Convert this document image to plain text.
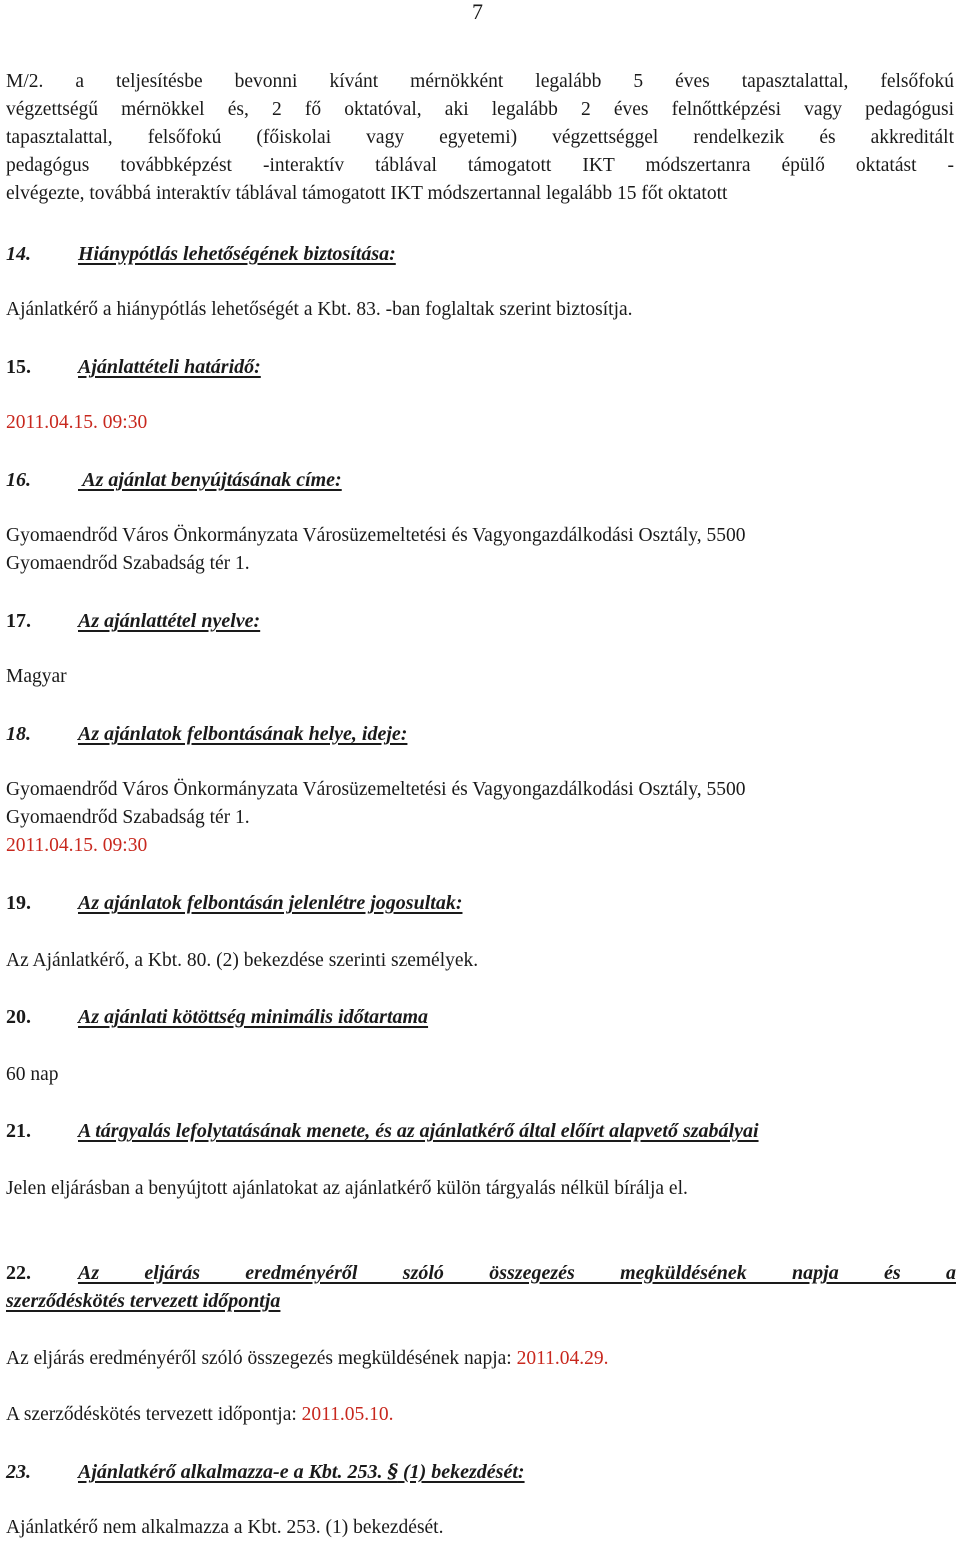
7

M/2. a teljesítésbe bevonni kívánt mérnökként legalább 5 éves tapasztalattal, felsőfokú

végzettségű mérnökkel és, 2 fő oktatóval, aki legalább 2 éves felnőttképzési vagy pedagógusi

tapasztalattal, felsőfokú (főiskolai vagy egyetemi) végzettséggel rendelkezik és akkreditált

pedagógus továbbképzést -interaktív táblával támogatott IKT módszertanra épülő oktatást -

elvégezte, továbbá interaktív táblával támogatott IKT módszertannal legalább 15 főt oktatott

14. Hiánypótlás lehetőségének biztosítása:

Ajánlatkérő a hiánypótlás lehetőségét a Kbt. 83. -ban foglaltak szerint biztosítja.

15. Ajánlattételi határidő:

2011.04.15. 09:30

16. Az ajánlat benyújtásának címe:

Gyomaendrőd Város Önkormányzata Városüzemeltetési és Vagyongazdálkodási Osztály, 5500

Gyomaendrőd Szabadság tér 1.

17. Az ajánlattétel nyelve:

Magyar

18. Az ajánlatok felbontásának helye, ideje:

Gyomaendrőd Város Önkormányzata Városüzemeltetési és Vagyongazdálkodási Osztály, 5500

Gyomaendrőd Szabadság tér 1.

2011.04.15. 09:30

19. Az ajánlatok felbontásán jelenlétre jogosultak:

Az Ajánlatkérő, a Kbt. 80. (2) bekezdése szerinti személyek.

20. Az ajánlati kötöttség minimális időtartama

60 nap

21. A tárgyalás lefolytatásának menete, és az ajánlatkérő által előírt alapvető szabályai

Jelen eljárásban a benyújtott ajánlatokat az ajánlatkérő külön tárgyalás nélkül bírálja el.

22.	Az eljárás eredményéről szóló összegezés megküldésének napja és a
szerződéskötés tervezett időpontja

Az eljárás eredményéről szóló összegezés megküldésének napja: 2011.04.29.

A szerződéskötés tervezett időpontja: 2011.05.10.

23. Ajánlatkérő alkalmazza-e a Kbt. 253. § (1) bekezdését:

Ajánlatkérő nem alkalmazza a Kbt. 253. (1) bekezdését.
